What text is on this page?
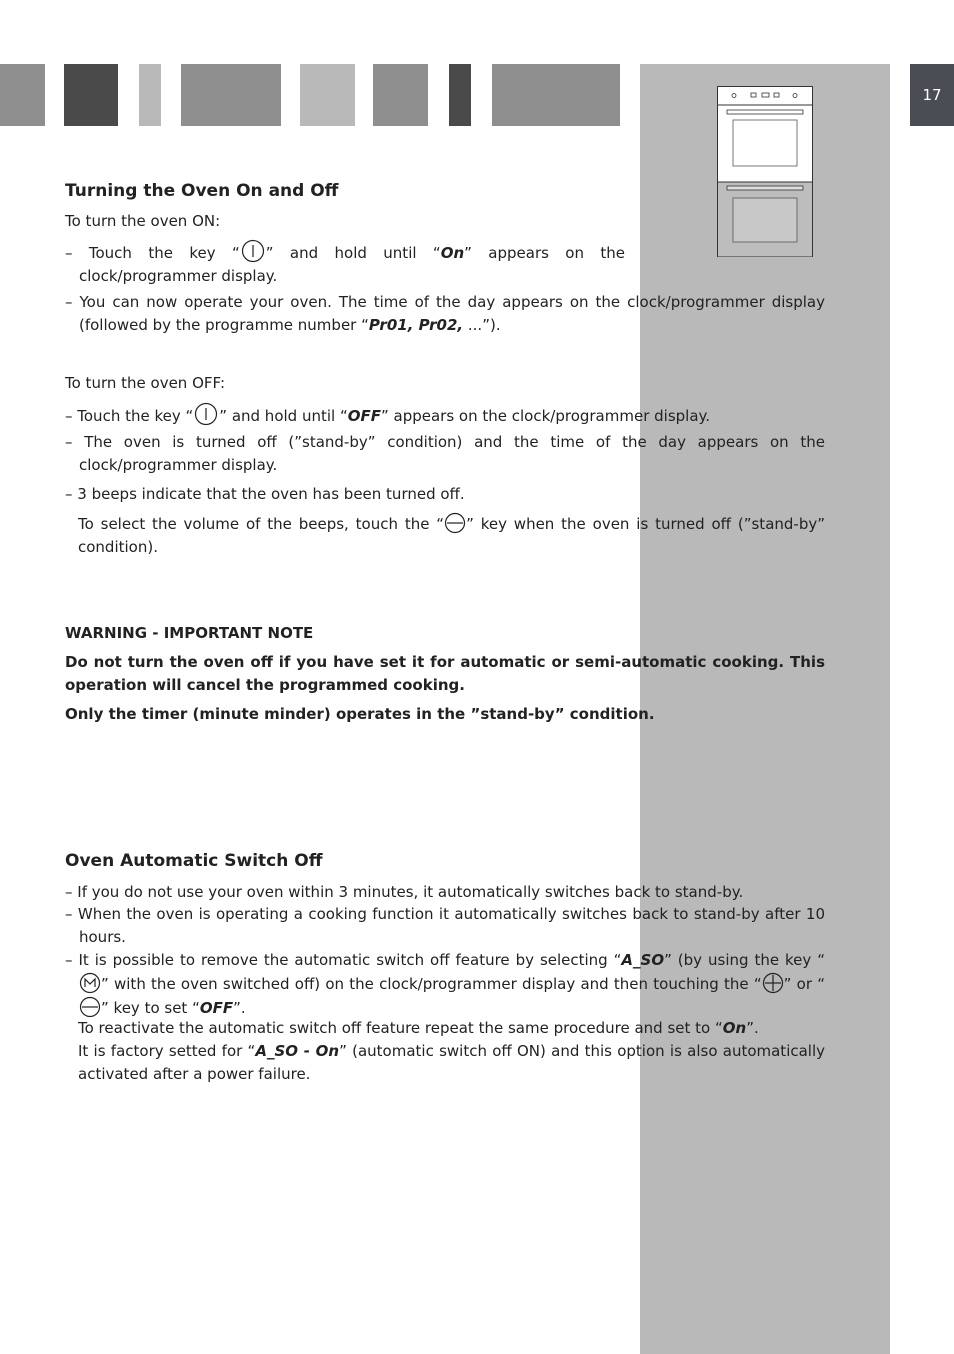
17
Turning the Oven On and Off
To turn the oven ON:
– Touch the key “ ” and hold until “On” appears on the clock/programmer display.
– You can now operate your oven. The time of the day appears on the clock/programmer display (followed by the programme number “Pr01, Pr02, ...”).
To turn the oven OFF:
– Touch the key “ ” and hold until “OFF” appears on the clock/programmer display.
– The oven is turned off (”stand-by” condition) and the time of the day appears on the clock/programmer display.
– 3 beeps indicate that the oven has been turned off.
To select the volume of the beeps, touch the “ ” key when the oven is turned off (”stand-by” condition).
WARNING - IMPORTANT NOTE
Do not turn the oven off if you have set it for automatic or semi-automatic cooking. This operation will cancel the programmed cooking.
Only the timer (minute minder) operates in the ”stand-by” condition.
Oven Automatic Switch Off
– If you do not use your oven within 3 minutes, it automatically switches back to stand-by.
– When the oven is operating a cooking function it automatically switches back to stand-by after 10 hours.
– It is possible to remove the automatic switch off feature by selecting “A_SO” (by using the key “” with the oven switched off) on the clock/programmer display and then touching the “ ” or “” key to set “OFF”.
To reactivate the automatic switch off feature repeat the same procedure and set to “On”.
It is factory setted for “A_SO - On” (automatic switch off ON) and this option is also automatically activated after a power failure.
